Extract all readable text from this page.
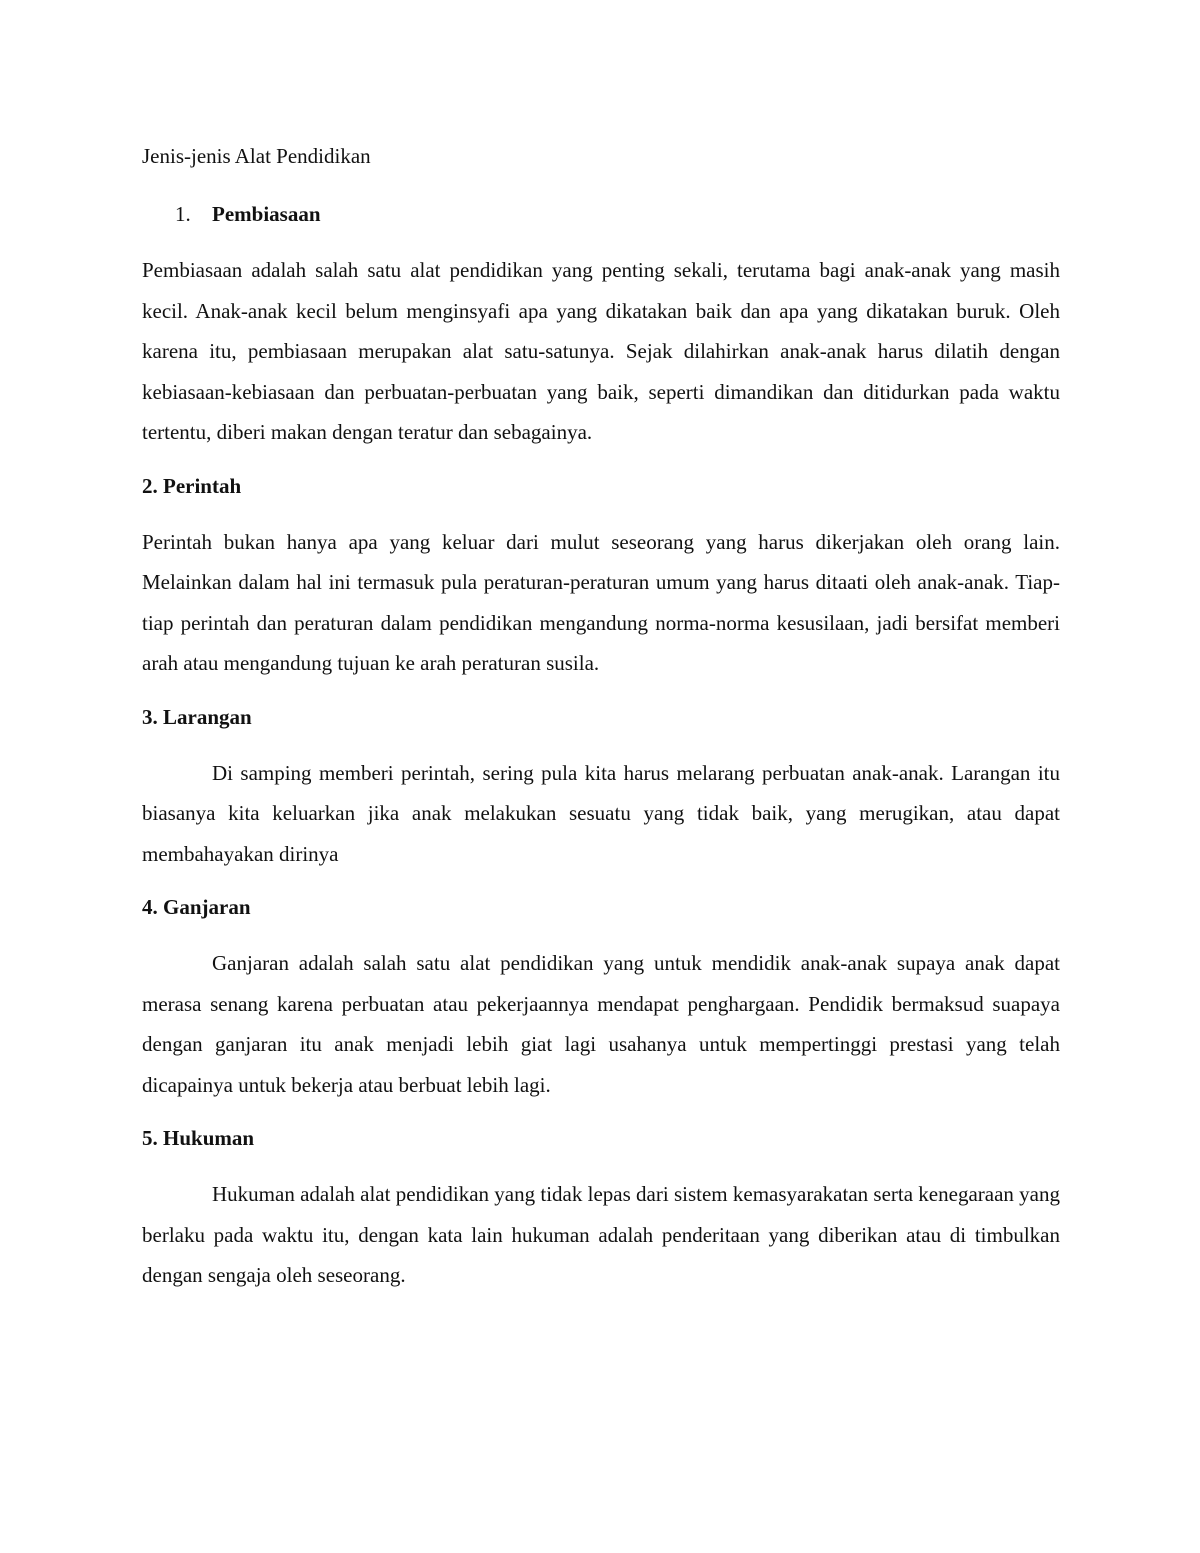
Jenis-jenis Alat Pendidikan

1. Pembiasaan

Pembiasaan adalah salah satu alat pendidikan yang penting sekali, terutama bagi anak-anak yang masih kecil. Anak-anak kecil belum menginsyafi apa yang dikatakan baik dan apa yang dikatakan buruk. Oleh karena itu, pembiasaan merupakan alat satu-satunya. Sejak dilahirkan anak-anak harus dilatih dengan kebiasaan-kebiasaan dan perbuatan-perbuatan yang baik, seperti dimandikan dan ditidurkan pada waktu tertentu, diberi makan dengan teratur dan sebagainya.

2. Perintah

Perintah bukan hanya apa yang keluar dari mulut seseorang yang harus dikerjakan oleh orang lain. Melainkan dalam hal ini termasuk pula peraturan-peraturan umum yang harus ditaati oleh anak-anak. Tiap-tiap perintah dan peraturan dalam pendidikan mengandung norma-norma kesusilaan, jadi bersifat memberi arah atau mengandung tujuan ke arah peraturan susila.

3. Larangan

Di samping memberi perintah, sering pula kita harus melarang perbuatan anak-anak. Larangan itu biasanya kita keluarkan jika anak melakukan sesuatu yang tidak baik, yang merugikan, atau dapat membahayakan dirinya

4. Ganjaran

Ganjaran adalah salah satu alat pendidikan yang untuk mendidik anak-anak supaya anak dapat merasa senang karena perbuatan atau pekerjaannya mendapat penghargaan. Pendidik bermaksud suapaya dengan ganjaran itu anak menjadi lebih giat lagi usahanya untuk mempertinggi prestasi yang telah dicapainya untuk bekerja atau berbuat lebih lagi.

5. Hukuman

Hukuman adalah alat pendidikan yang tidak lepas dari sistem kemasyarakatan serta kenegaraan yang berlaku pada waktu itu, dengan kata lain hukuman adalah penderitaan yang diberikan atau di timbulkan dengan sengaja oleh seseorang.
